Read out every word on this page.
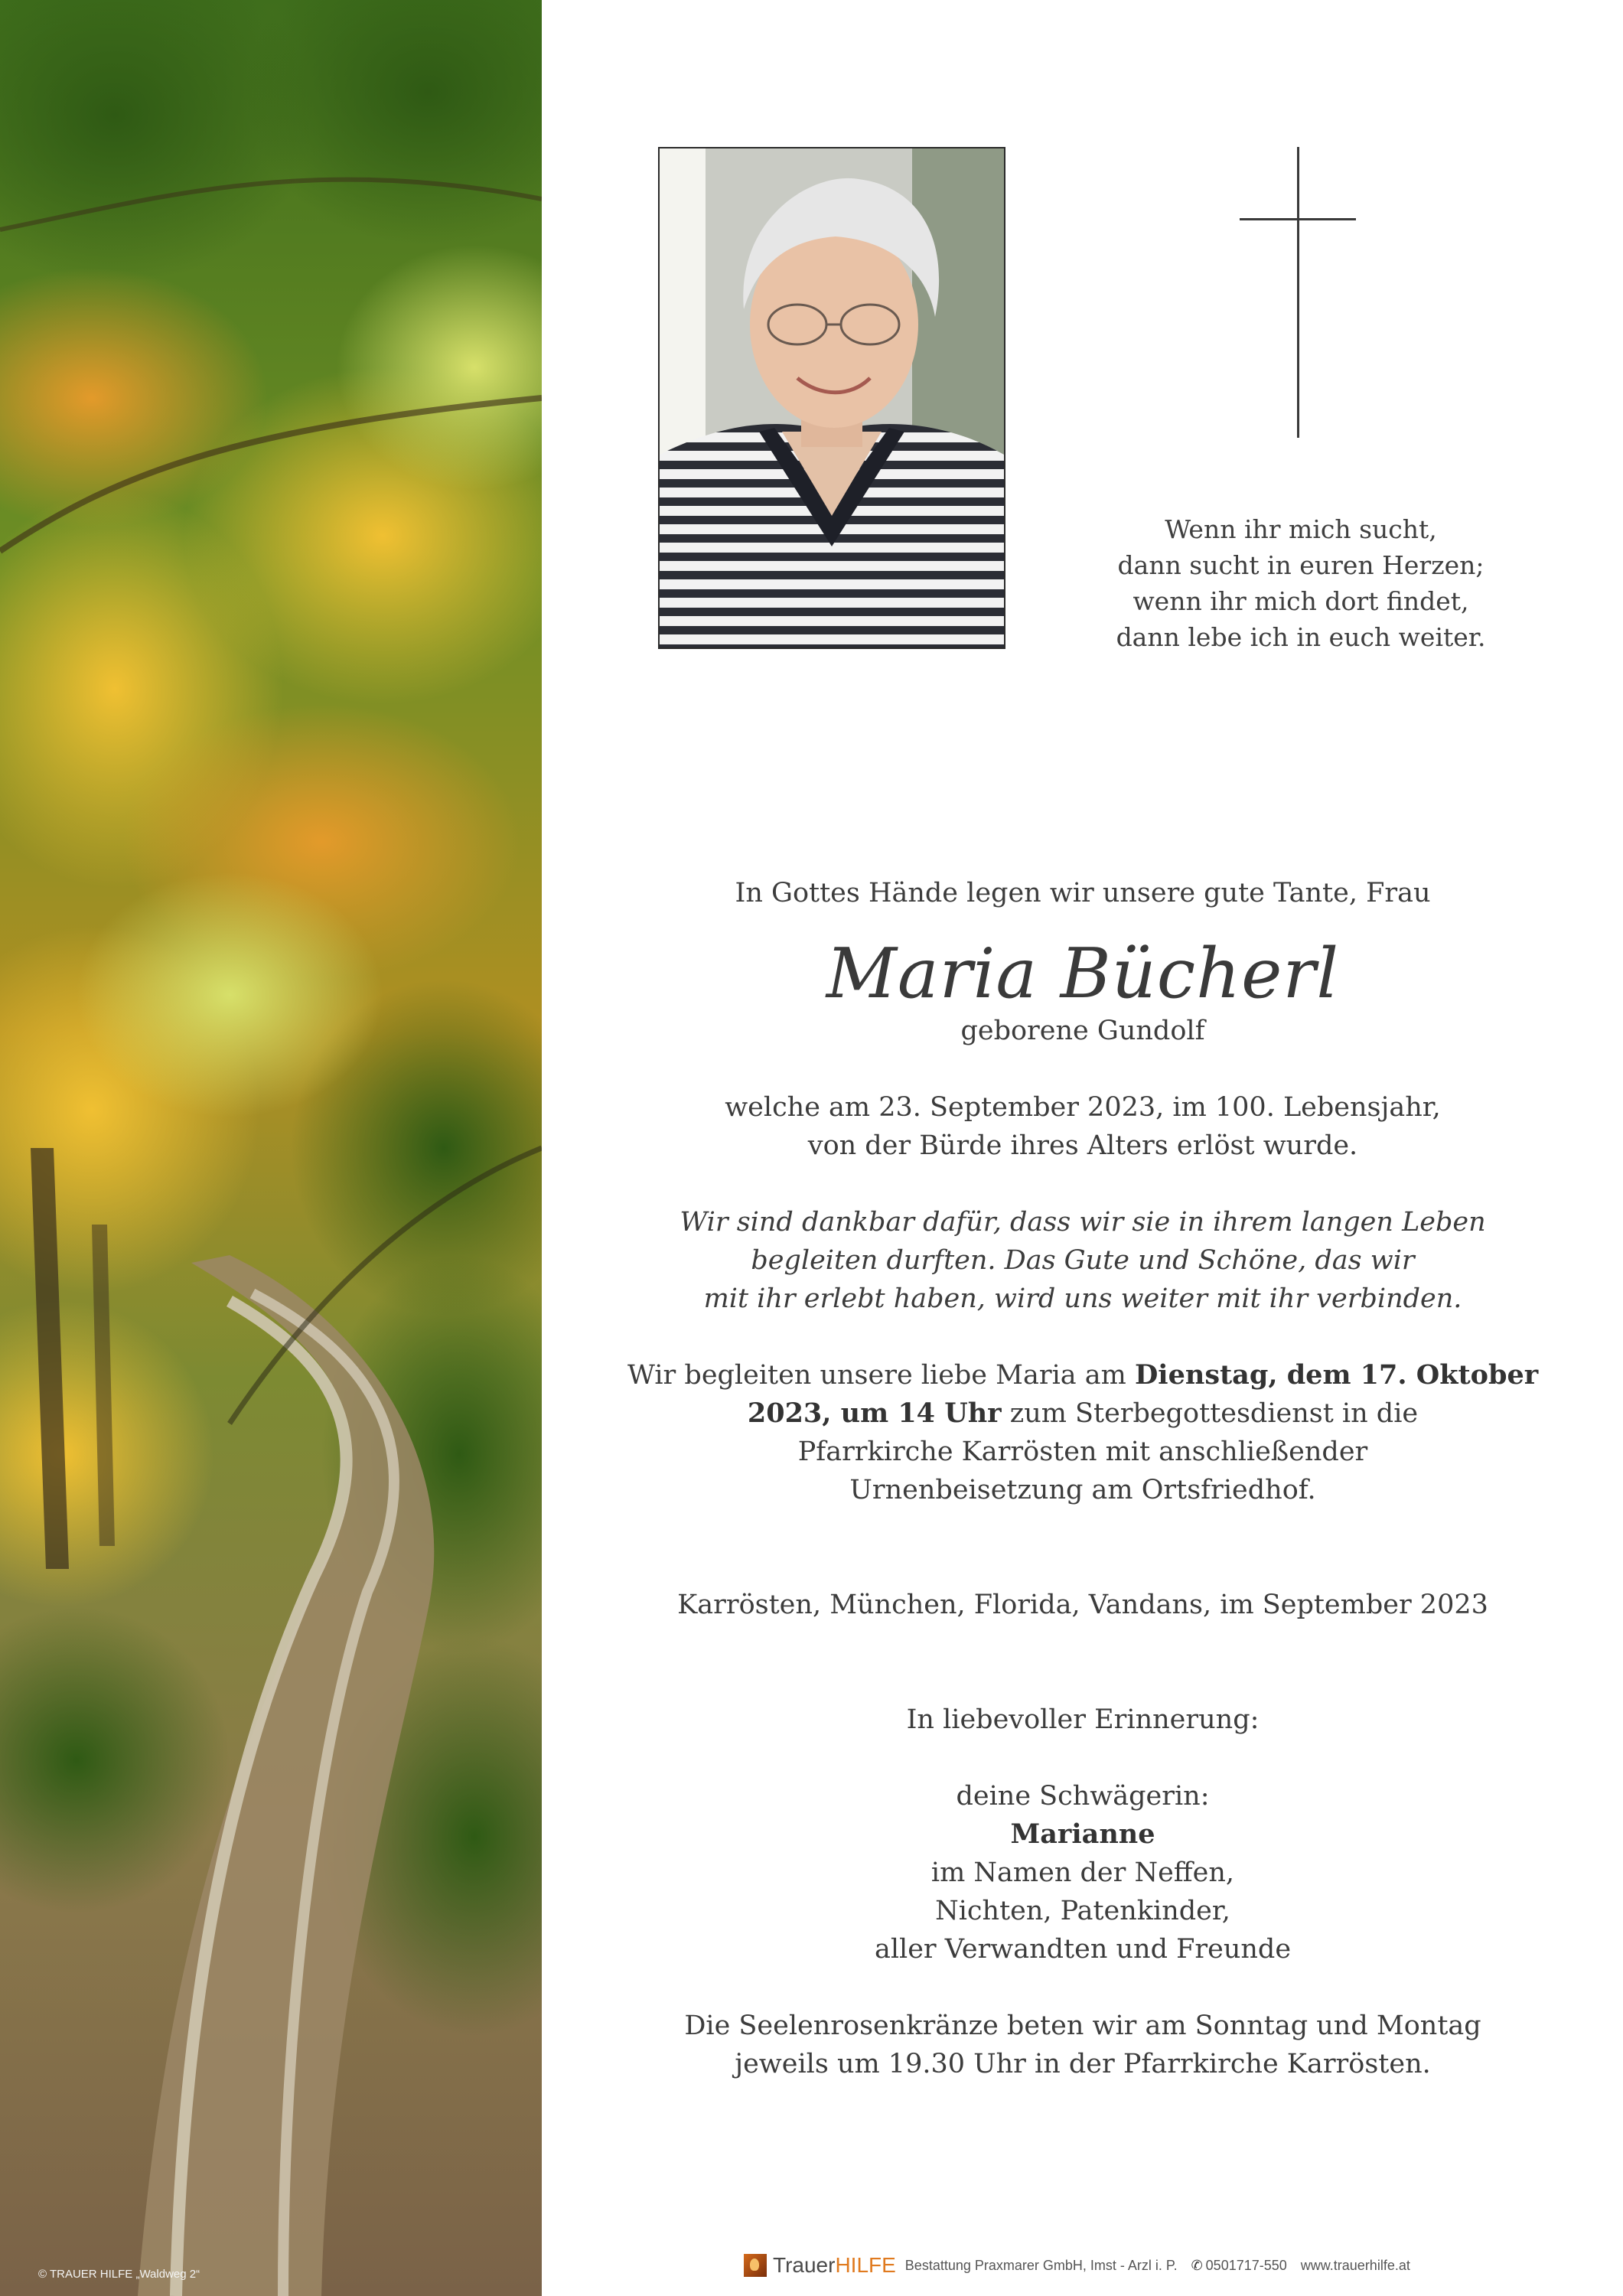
© TRAUER HILFE „Waldweg 2“
Wenn ihr mich sucht,
dann sucht in euren Herzen;
wenn ihr mich dort findet,
dann lebe ich in euch weiter.
In Gottes Hände legen wir unsere gute Tante, Frau
Maria Bücherl
geborene Gundolf
welche am 23. September 2023, im 100. Lebensjahr,
von der Bürde ihres Alters erlöst wurde.
Wir sind dankbar dafür, dass wir sie in ihrem langen Leben
begleiten durften. Das Gute und Schöne, das wir
mit ihr erlebt haben, wird uns weiter mit ihr verbinden.
Wir begleiten unsere liebe Maria am Dienstag, dem 17. Oktober
2023, um 14 Uhr zum Sterbegottesdienst in die
Pfarrkirche Karrösten mit anschließender
Urnenbeisetzung am Ortsfriedhof.
Karrösten, München, Florida, Vandans, im September 2023
In liebevoller Erinnerung:
deine Schwägerin:
Marianne
im Namen der Neffen,
Nichten, Patenkinder,
aller Verwandten und Freunde
Die Seelenrosenkränze beten wir am Sonntag und Montag
jeweils um 19.30 Uhr in der Pfarrkirche Karrösten.
Trauer HILFE Bestattung Praxmarer GmbH, Imst - Arzl i. P. ✆ 0501717-550 www.trauerhilfe.at
